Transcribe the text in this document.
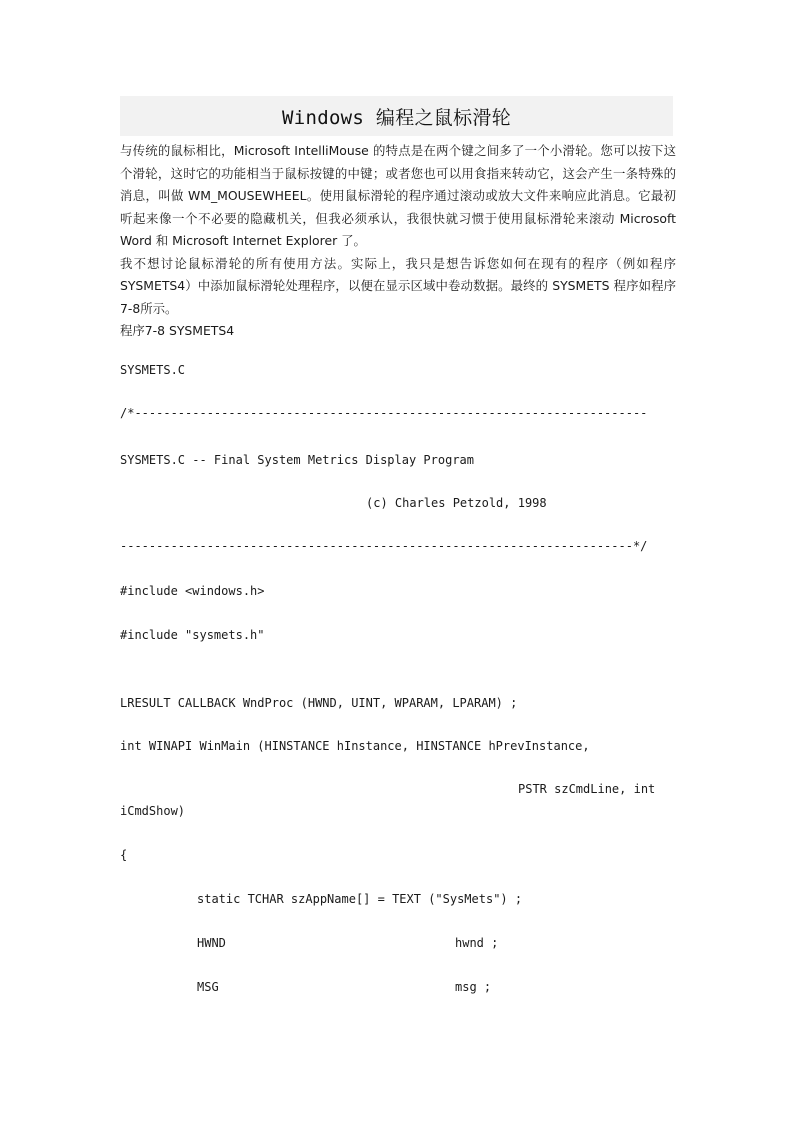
Windows 编程之鼠标滑轮

与传统的鼠标相比，Microsoft IntelliMouse 的特点是在两个键之间多了一个小滑轮。您可以按下这个滑轮，这时它的功能相当于鼠标按键的中键；或者您也可以用食指来转动它，这会产生一条特殊的消息，叫做 WM_MOUSEWHEEL。使用鼠标滑轮的程序通过滚动或放大文件来响应此消息。它最初听起来像一个不必要的隐藏机关，但我必须承认，我很快就习惯于使用鼠标滑轮来滚动 Microsoft Word 和 Microsoft Internet Explorer 了。

我不想讨论鼠标滑轮的所有使用方法。实际上，我只是想告诉您如何在现有的程序（例如程序 SYSMETS4）中添加鼠标滑轮处理程序，以便在显示区域中卷动数据。最终的 SYSMETS 程序如程序7-8所示。

程序7-8 SYSMETS4

SYSMETS.C
/*-----------------------------------------------------------------------
SYSMETS.C -- Final System Metrics Display Program
(c) Charles Petzold, 1998
-----------------------------------------------------------------------*/
#include <windows.h>
#include "sysmets.h"
LRESULT CALLBACK WndProc (HWND, UINT, WPARAM, LPARAM) ;
int WINAPI WinMain (HINSTANCE hInstance, HINSTANCE hPrevInstance,
PSTR szCmdLine, int
iCmdShow)
{
static TCHAR szAppName[] = TEXT ("SysMets") ;
HWND	hwnd ;
MSG	msg ;
